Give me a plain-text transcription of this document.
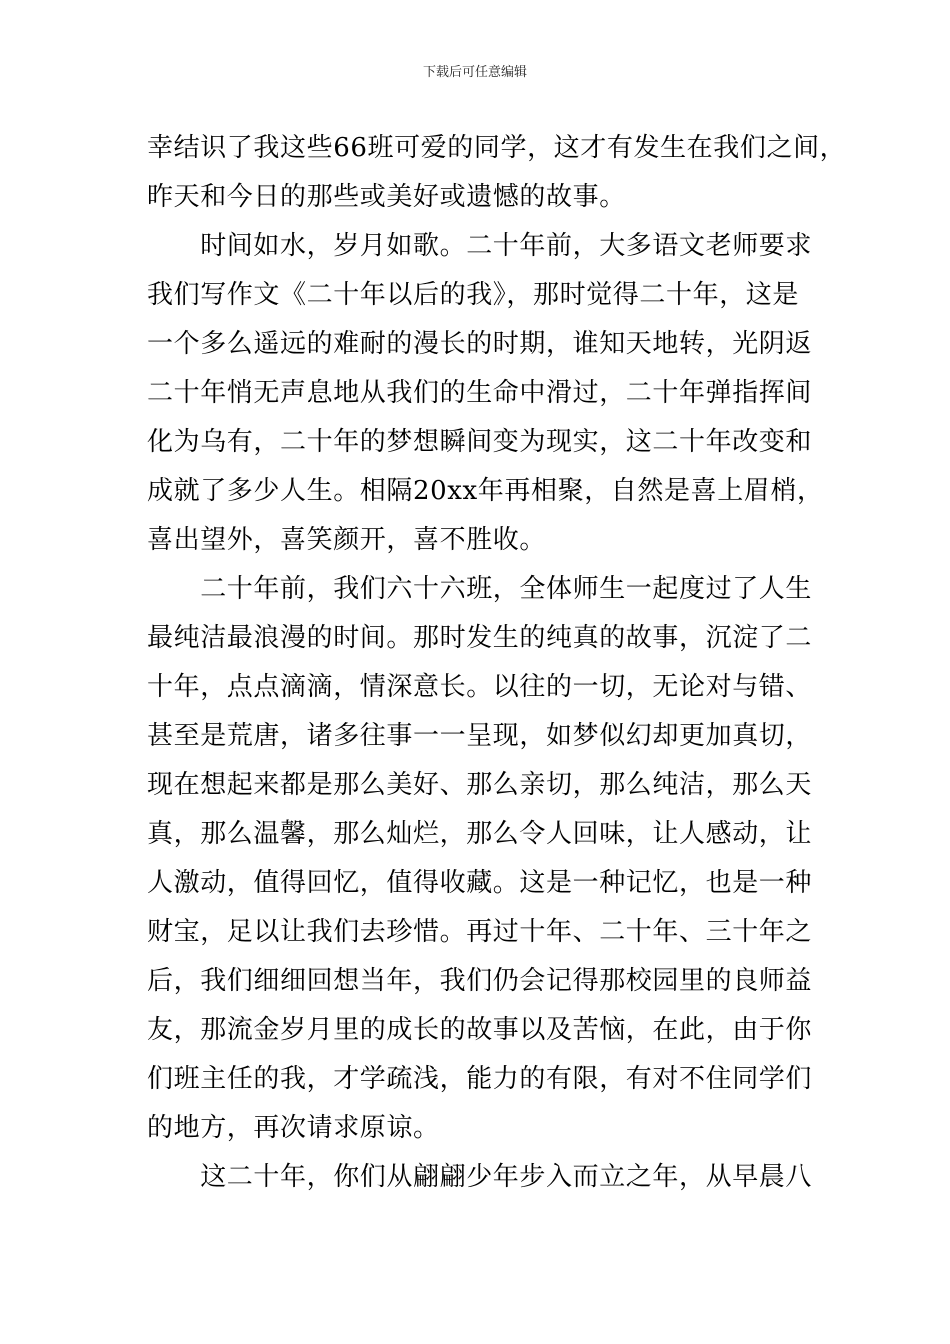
下载后可任意编辑
幸结识了我这些66班可爱的同学，这才有发生在我们之间，
昨天和今日的那些或美好或遗憾的故事。
　　时间如水，岁月如歌。二十年前，大多语文老师要求
我们写作文《二十年以后的我》，那时觉得二十年，这是
一个多么遥远的难耐的漫长的时期，谁知天地转，光阴返
二十年悄无声息地从我们的生命中滑过，二十年弹指挥间
化为乌有，二十年的梦想瞬间变为现实，这二十年改变和
成就了多少人生。相隔20xx年再相聚，自然是喜上眉梢，
喜出望外，喜笑颜开，喜不胜收。
　　二十年前，我们六十六班，全体师生一起度过了人生
最纯洁最浪漫的时间。那时发生的纯真的故事，沉淀了二
十年，点点滴滴，情深意长。以往的一切，无论对与错、
甚至是荒唐，诸多往事一一呈现，如梦似幻却更加真切，
现在想起来都是那么美好、那么亲切，那么纯洁，那么天
真，那么温馨，那么灿烂，那么令人回味，让人感动，让
人激动，值得回忆，值得收藏。这是一种记忆，也是一种
财宝，足以让我们去珍惜。再过十年、二十年、三十年之
后，我们细细回想当年，我们仍会记得那校园里的良师益
友，那流金岁月里的成长的故事以及苦恼，在此，由于你
们班主任的我，才学疏浅，能力的有限，有对不住同学们
的地方，再次请求原谅。
　　这二十年，你们从翩翩少年步入而立之年，从早晨八
